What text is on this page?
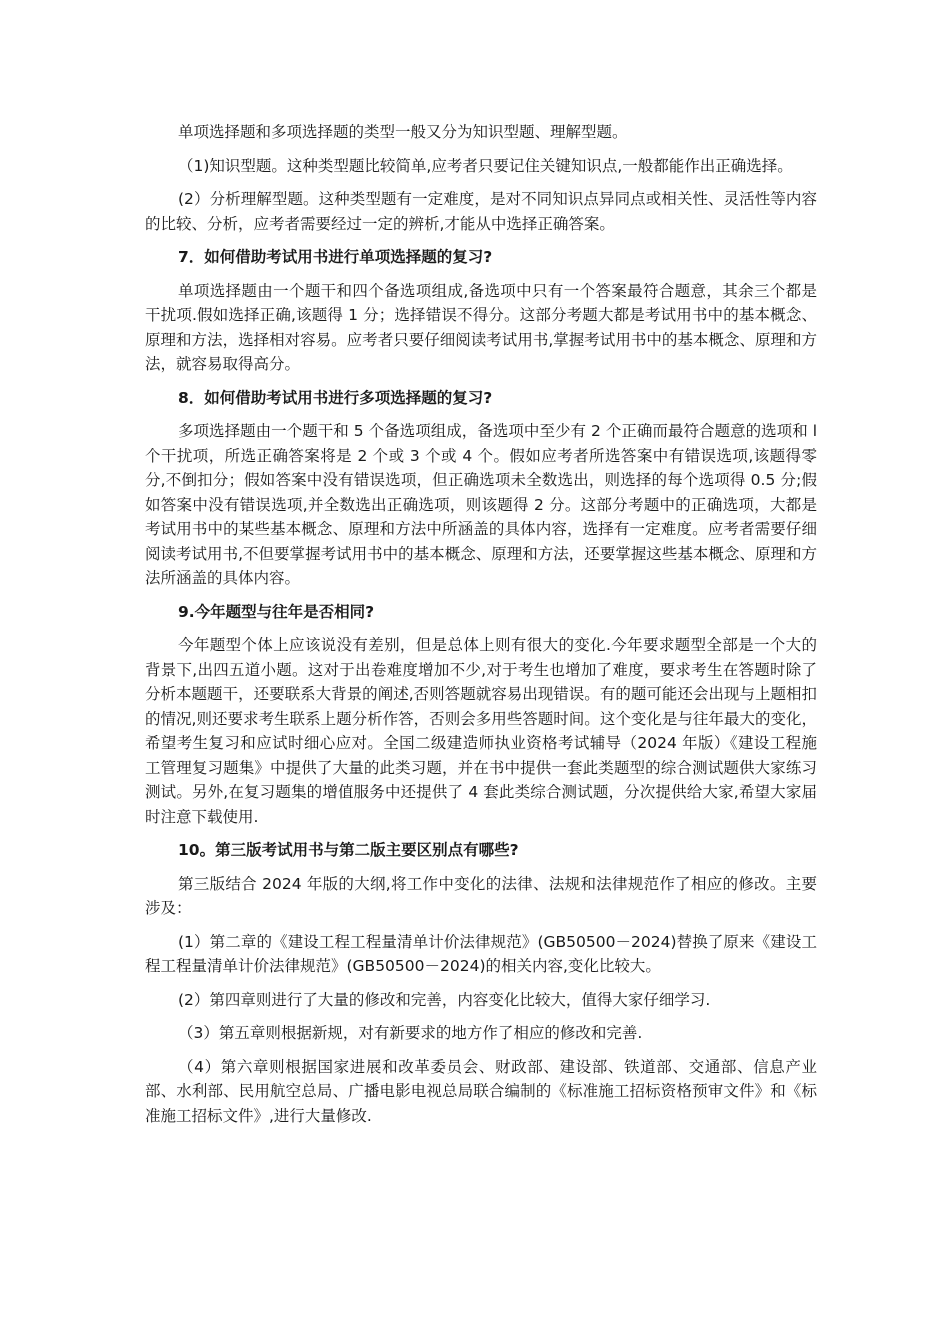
单项选择题和多项选择题的类型一般又分为知识型题、理解型题。

（1)知识型题。这种类型题比较简单,应考者只要记住关键知识点,一般都能作出正确选择。

(2）分析理解型题。这种类型题有一定难度，是对不同知识点异同点或相关性、灵活性等内容的比较、分析，应考者需要经过一定的辨析,才能从中选择正确答案。

7．如何借助考试用书进行单项选择题的复习?

单项选择题由一个题干和四个备选项组成,备选项中只有一个答案最符合题意，其余三个都是干扰项.假如选择正确,该题得 1 分；选择错误不得分。这部分考题大都是考试用书中的基本概念、原理和方法，选择相对容易。应考者只要仔细阅读考试用书,掌握考试用书中的基本概念、原理和方法，就容易取得高分。

8．如何借助考试用书进行多项选择题的复习?

多项选择题由一个题干和 5 个备选项组成，备选项中至少有 2 个正确而最符合题意的选项和 l 个干扰项，所选正确答案将是 2 个或 3 个或 4 个。假如应考者所选答案中有错误选项,该题得零分,不倒扣分；假如答案中没有错误选项，但正确选项未全数选出，则选择的每个选项得 0.5 分;假如答案中没有错误选项,并全数选出正确选项，则该题得 2 分。这部分考题中的正确选项，大都是考试用书中的某些基本概念、原理和方法中所涵盖的具体内容，选择有一定难度。应考者需要仔细阅读考试用书,不但要掌握考试用书中的基本概念、原理和方法，还要掌握这些基本概念、原理和方法所涵盖的具体内容。

9.今年题型与往年是否相同?

今年题型个体上应该说没有差别，但是总体上则有很大的变化.今年要求题型全部是一个大的背景下,出四五道小题。这对于出卷难度增加不少,对于考生也增加了难度，要求考生在答题时除了分析本题题干，还要联系大背景的阐述,否则答题就容易出现错误。有的题可能还会出现与上题相扣的情况,则还要求考生联系上题分析作答，否则会多用些答题时间。这个变化是与往年最大的变化，希望考生复习和应试时细心应对。全国二级建造师执业资格考试辅导（2024 年版）《建设工程施工管理复习题集》中提供了大量的此类习题，并在书中提供一套此类题型的综合测试题供大家练习测试。另外,在复习题集的增值服务中还提供了 4 套此类综合测试题，分次提供给大家,希望大家届时注意下载使用.

10。第三版考试用书与第二版主要区别点有哪些?

第三版结合 2024 年版的大纲,将工作中变化的法律、法规和法律规范作了相应的修改。主要涉及：

(1）第二章的《建设工程工程量清单计价法律规范》(GB50500－2024)替换了原来《建设工程工程量清单计价法律规范》(GB50500－2024)的相关内容,变化比较大。

(2）第四章则进行了大量的修改和完善，内容变化比较大，值得大家仔细学习.

（3）第五章则根据新规，对有新要求的地方作了相应的修改和完善.

（4）第六章则根据国家进展和改革委员会、财政部、建设部、铁道部、交通部、信息产业部、水利部、民用航空总局、广播电影电视总局联合编制的《标准施工招标资格预审文件》和《标准施工招标文件》,进行大量修改.
